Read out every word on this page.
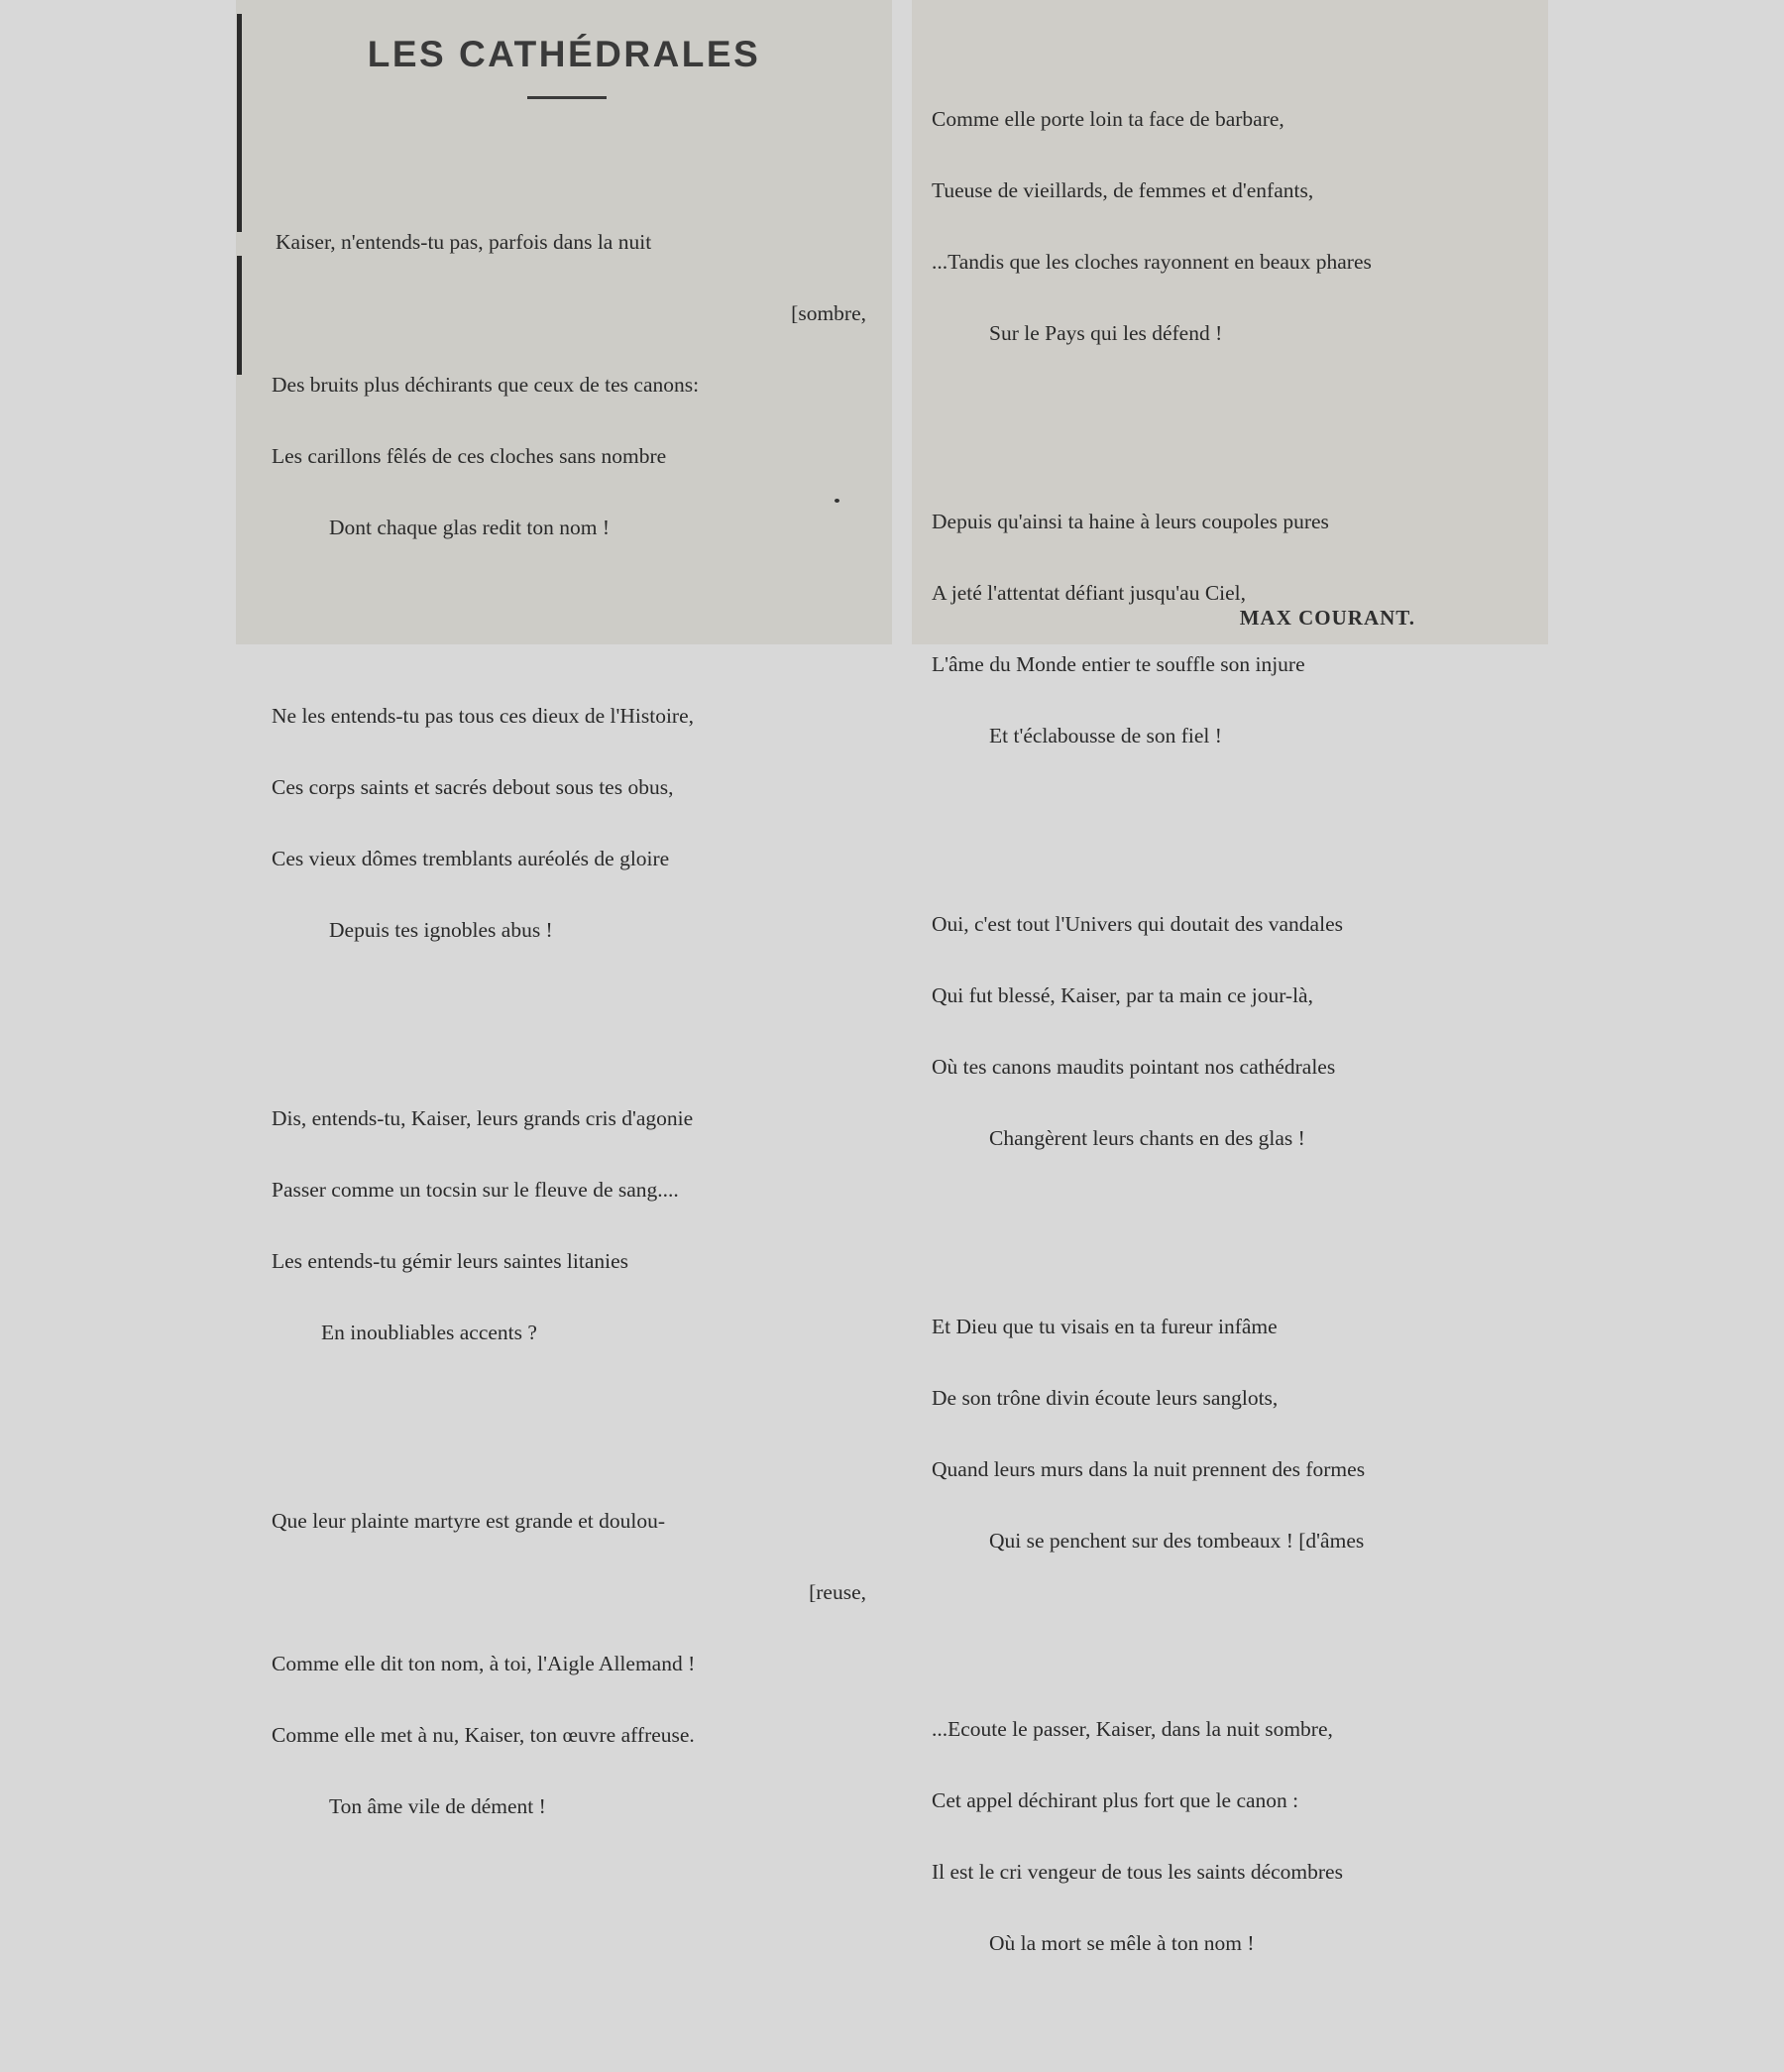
LES CATHÉDRALES

Kaiser, n'entends-tu pas, parfois dans la nuit

[sombre,

Des bruits plus déchirants que ceux de tes canons:

Les carillons fêlés de ces cloches sans nombre

Dont chaque glas redit ton nom !

Ne les entends-tu pas tous ces dieux de l'Histoire,

Ces corps saints et sacrés debout sous tes obus,

Ces vieux dômes tremblants auréolés de gloire

Depuis tes ignobles abus !

Dis, entends-tu, Kaiser, leurs grands cris d'agonie

Passer comme un tocsin sur le fleuve de sang....

Les entends-tu gémir leurs saintes litanies

En inoubliables accents ?

Que leur plainte martyre est grande et doulou-

[reuse,

Comme elle dit ton nom, à toi, l'Aigle Allemand !

Comme elle met à nu, Kaiser, ton œuvre affreuse.

Ton âme vile de dément !

Comme elle porte loin ta face de barbare,

Tueuse de vieillards, de femmes et d'enfants,

...Tandis que les cloches rayonnent en beaux phares

Sur le Pays qui les défend !

Depuis qu'ainsi ta haine à leurs coupoles pures

A jeté l'attentat défiant jusqu'au Ciel,

L'âme du Monde entier te souffle son injure

Et t'éclabousse de son fiel !

Oui, c'est tout l'Univers qui doutait des vandales

Qui fut blessé, Kaiser, par ta main ce jour-là,

Où tes canons maudits pointant nos cathédrales

Changèrent leurs chants en des glas !

Et Dieu que tu visais en ta fureur infâme

De son trône divin écoute leurs sanglots,

Quand leurs murs dans la nuit prennent des formes

Qui se penchent sur des tombeaux ! [d'âmes

...Ecoute le passer, Kaiser, dans la nuit sombre,

Cet appel déchirant plus fort que le canon :

Il est le cri vengeur de tous les saints décombres

Où la mort se mêle à ton nom !

MAX COURANT.
